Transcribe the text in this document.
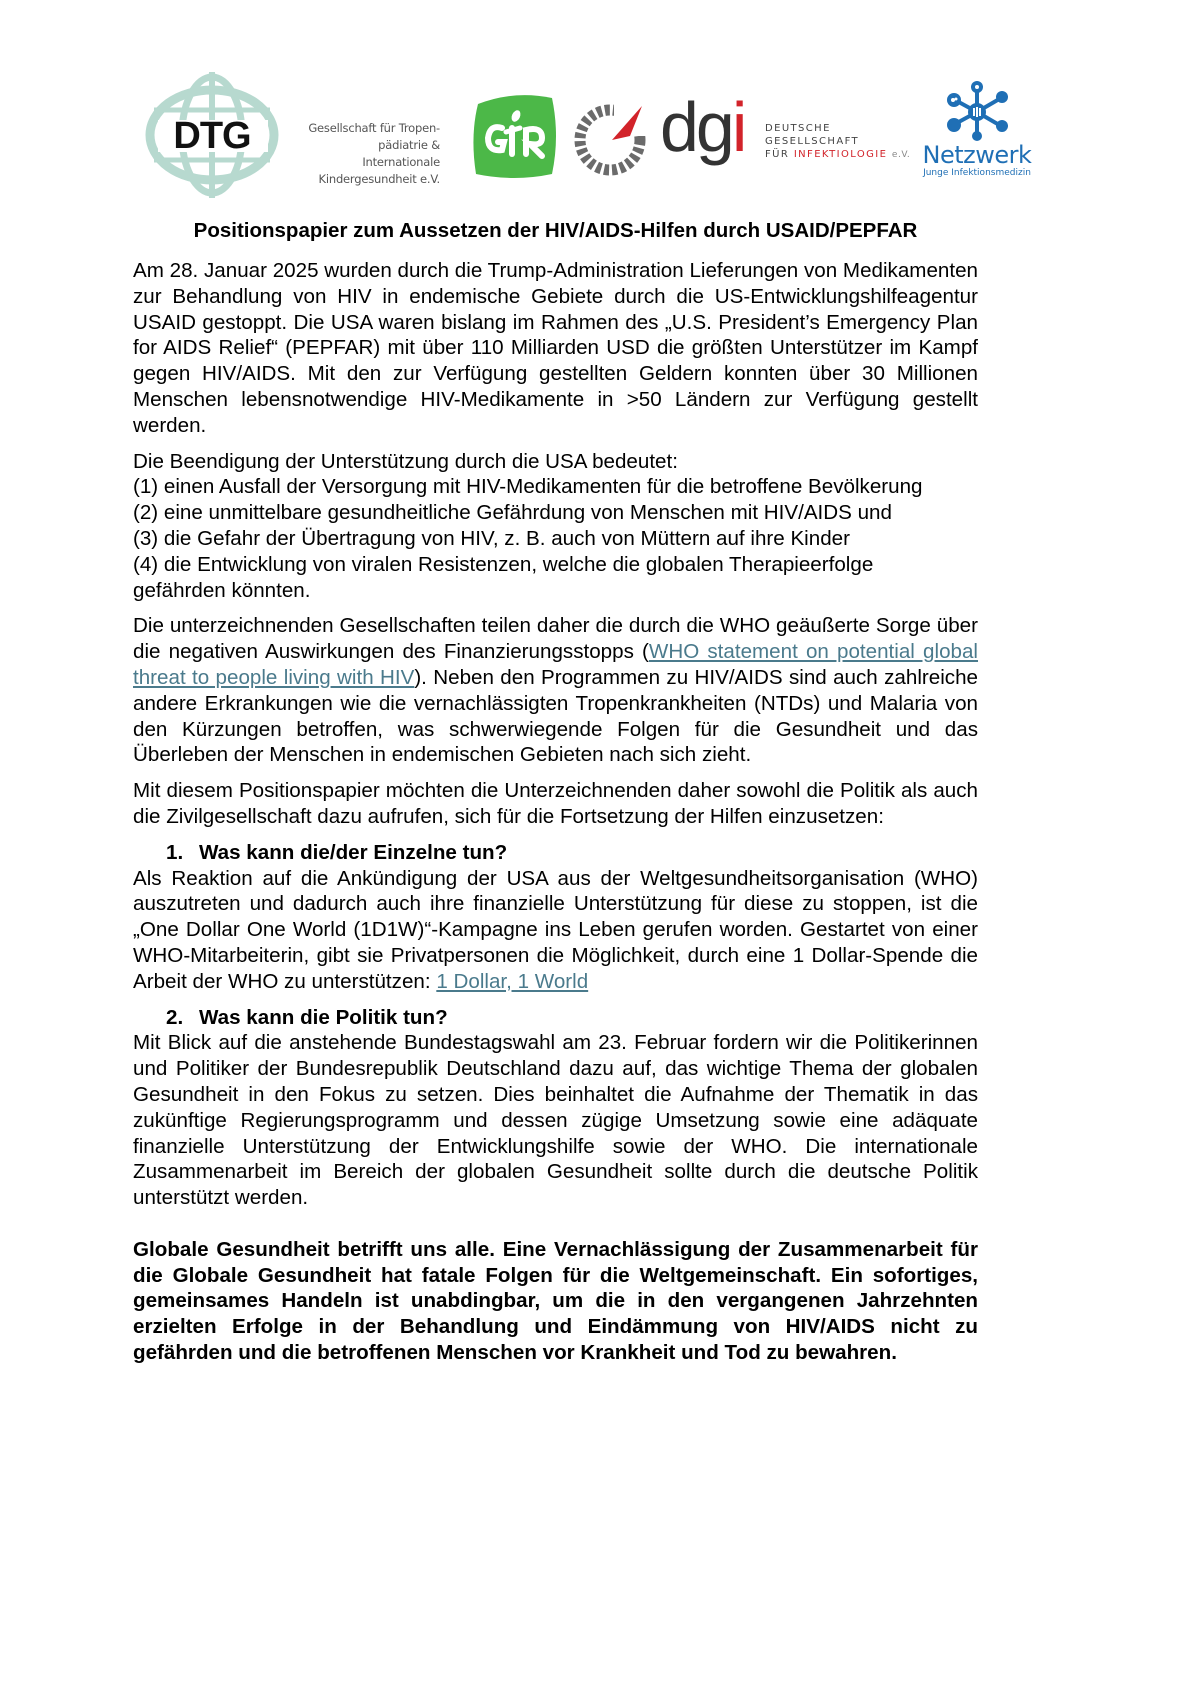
DTG	Gesellschaft für Tropen-
pädiatrie & Internationale
Kindergesundheit e.V.
dgi DEUTSCHE
GESELLSCHAFT
FÜR INFEKTIOLOGIE e.V. Netzwerk
Junge Infektionsmedizin
Positionspapier zum Aussetzen der HIV/AIDS-Hilfen durch USAID/PEPFAR

Am 28. Januar 2025 wurden durch die Trump-Administration Lieferungen von Medikamenten zur Behandlung von HIV in endemische Gebiete durch die US-Entwicklungshilfeagentur USAID gestoppt. Die USA waren bislang im Rahmen des „U.S. President’s Emergency Plan for AIDS Relief“ (PEPFAR) mit über 110 Milliarden USD die größten Unterstützer im Kampf gegen HIV/AIDS. Mit den zur Verfügung gestellten Geldern konnten über 30 Millionen Menschen lebensnotwendige HIV-Medikamente in >50 Ländern zur Verfügung gestellt werden.

Die Beendigung der Unterstützung durch die USA bedeutet:
(1) einen Ausfall der Versorgung mit HIV-Medikamenten für die betroffene Bevölkerung
(2) eine unmittelbare gesundheitliche Gefährdung von Menschen mit HIV/AIDS und
(3) die Gefahr der Übertragung von HIV, z. B. auch von Müttern auf ihre Kinder
(4) die Entwicklung von viralen Resistenzen, welche die globalen Therapieerfolge
gefährden könnten.

Die unterzeichnenden Gesellschaften teilen daher die durch die WHO geäußerte Sorge über die negativen Auswirkungen des Finanzierungsstopps (WHO statement on potential global threat to people living with HIV). Neben den Programmen zu HIV/AIDS sind auch zahlreiche andere Erkrankungen wie die vernachlässigten Tropenkrankheiten (NTDs) und Malaria von den Kürzungen betroffen, was schwerwiegende Folgen für die Gesundheit und das Überleben der Menschen in endemischen Gebieten nach sich zieht.

Mit diesem Positionspapier möchten die Unterzeichnenden daher sowohl die Politik als auch die Zivilgesellschaft dazu aufrufen, sich für die Fortsetzung der Hilfen einzusetzen:

1. Was kann die/der Einzelne tun?

Als Reaktion auf die Ankündigung der USA aus der Weltgesundheitsorganisation (WHO) auszutreten und dadurch auch ihre finanzielle Unterstützung für diese zu stoppen, ist die „One Dollar One World (1D1W)“-Kampagne ins Leben gerufen worden. Gestartet von einer WHO-Mitarbeiterin, gibt sie Privatpersonen die Möglichkeit, durch eine 1 Dollar-Spende die Arbeit der WHO zu unterstützen: 1 Dollar, 1 World

2. Was kann die Politik tun?

Mit Blick auf die anstehende Bundestagswahl am 23. Februar fordern wir die Politikerinnen und Politiker der Bundesrepublik Deutschland dazu auf, das wichtige Thema der globalen Gesundheit in den Fokus zu setzen. Dies beinhaltet die Aufnahme der Thematik in das zukünftige Regierungsprogramm und dessen zügige Umsetzung sowie eine adäquate finanzielle Unterstützung der Entwicklungshilfe sowie der WHO. Die internationale Zusammenarbeit im Bereich der globalen Gesundheit sollte durch die deutsche Politik unterstützt werden.

Globale Gesundheit betrifft uns alle. Eine Vernachlässigung der Zusammenarbeit für die Globale Gesundheit hat fatale Folgen für die Weltgemeinschaft. Ein sofortiges, gemeinsames Handeln ist unabdingbar, um die in den vergangenen Jahrzehnten erzielten Erfolge in der Behandlung und Eindämmung von HIV/AIDS nicht zu gefährden und die betroffenen Menschen vor Krankheit und Tod zu bewahren.
